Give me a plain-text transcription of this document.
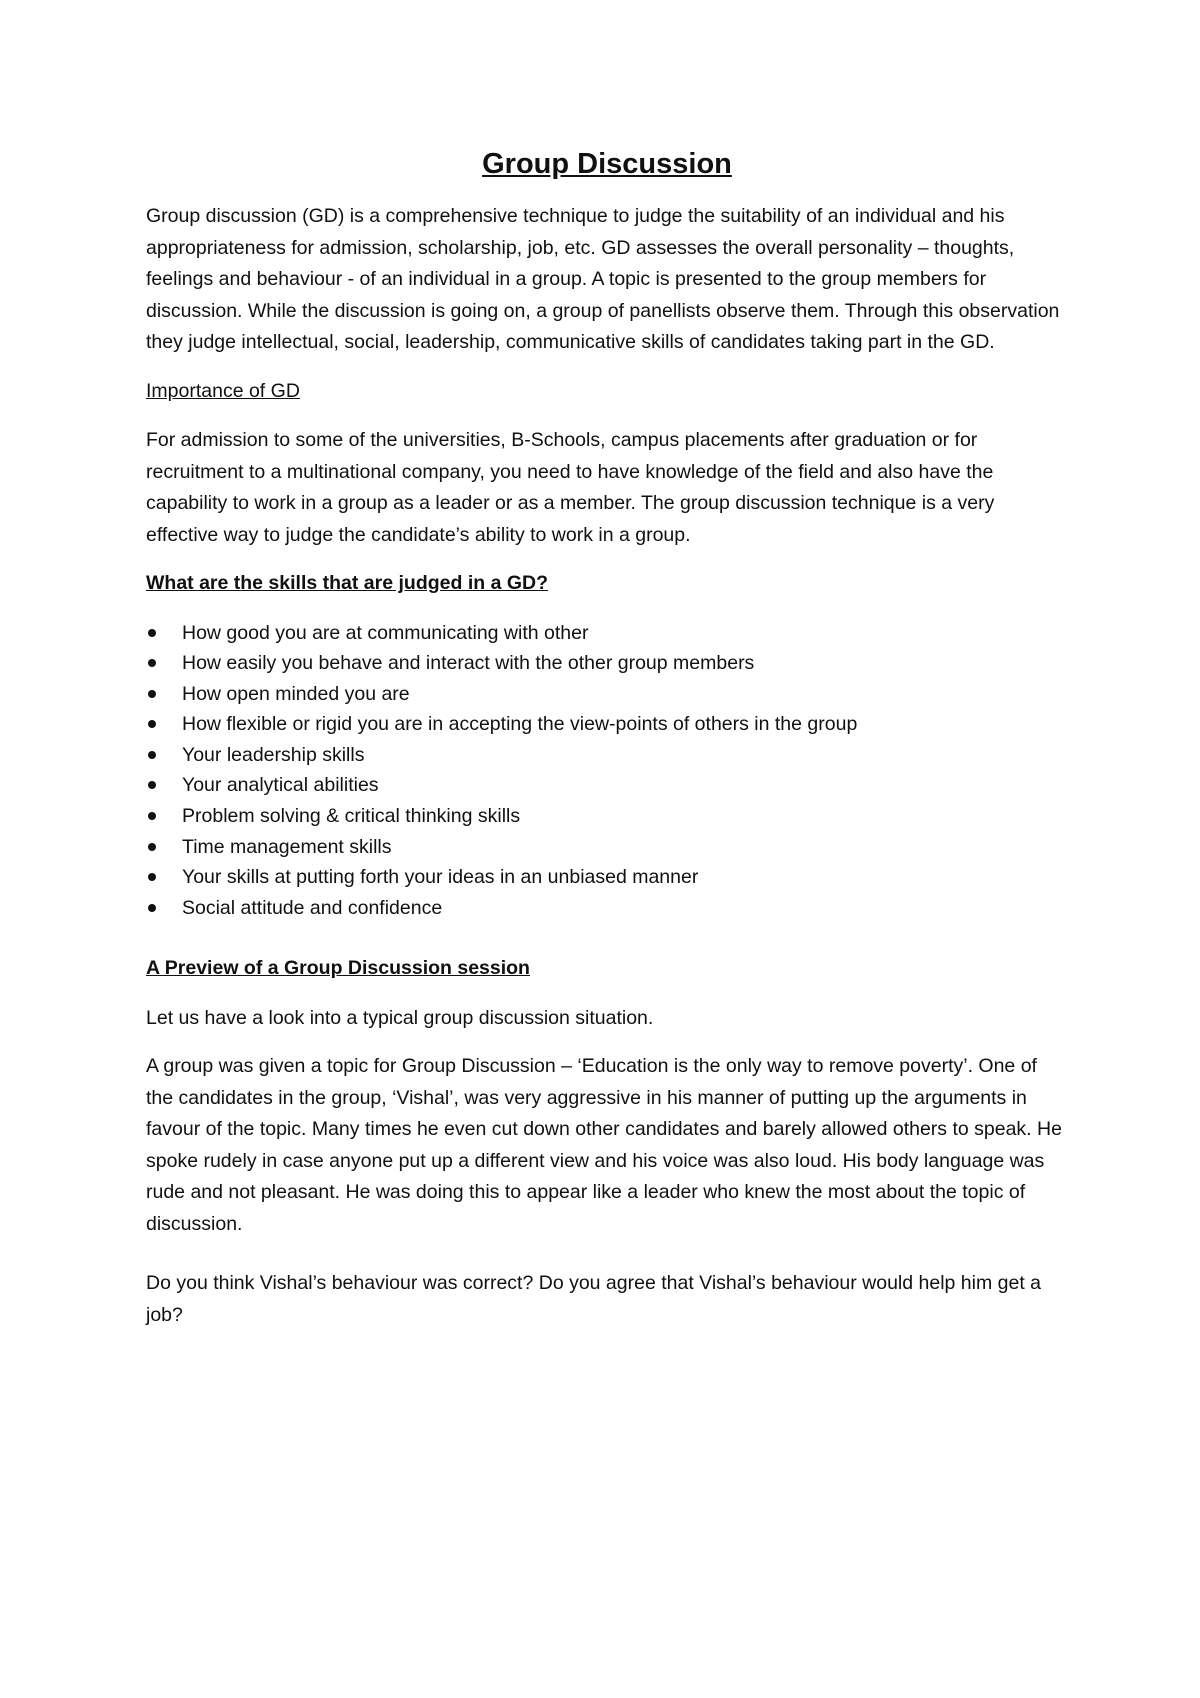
Group Discussion

Group discussion (GD) is a comprehensive technique to judge the suitability of an individual and his appropriateness for admission, scholarship, job, etc. GD assesses the overall personality – thoughts, feelings and behaviour - of an individual in a group. A topic is presented to the group members for discussion. While the discussion is going on, a group of panellists observe them. Through this observation they judge intellectual, social, leadership, communicative skills of candidates taking part in the GD.

Importance of GD

For admission to some of the universities, B-Schools, campus placements after graduation or for recruitment to a multinational company, you need to have knowledge of the field and also have the capability to work in a group as a leader or as a member. The group discussion technique is a very effective way to judge the candidate’s ability to work in a group.

What are the skills that are judged in a GD?
How good you are at communicating with other
How easily you behave and interact with the other group members
How open minded you are
How flexible or rigid you are in accepting the view-points of others in the group
Your leadership skills
Your analytical abilities
Problem solving & critical thinking skills
Time management skills
Your skills at putting forth your ideas in an unbiased manner
Social attitude and confidence
A Preview of a Group Discussion session

Let us have a look into a typical group discussion situation.

A group was given a topic for Group Discussion – ‘Education is the only way to remove poverty’. One of the candidates in the group, ‘Vishal’, was very aggressive in his manner of putting up the arguments in favour of the topic. Many times he even cut down other candidates and barely allowed others to speak. He spoke rudely in case anyone put up a different view and his voice was also loud. His body language was rude and not pleasant. He was doing this to appear like a leader who knew the most about the topic of discussion.

Do you think Vishal’s behaviour was correct? Do you agree that Vishal’s behaviour would help him get a job?
